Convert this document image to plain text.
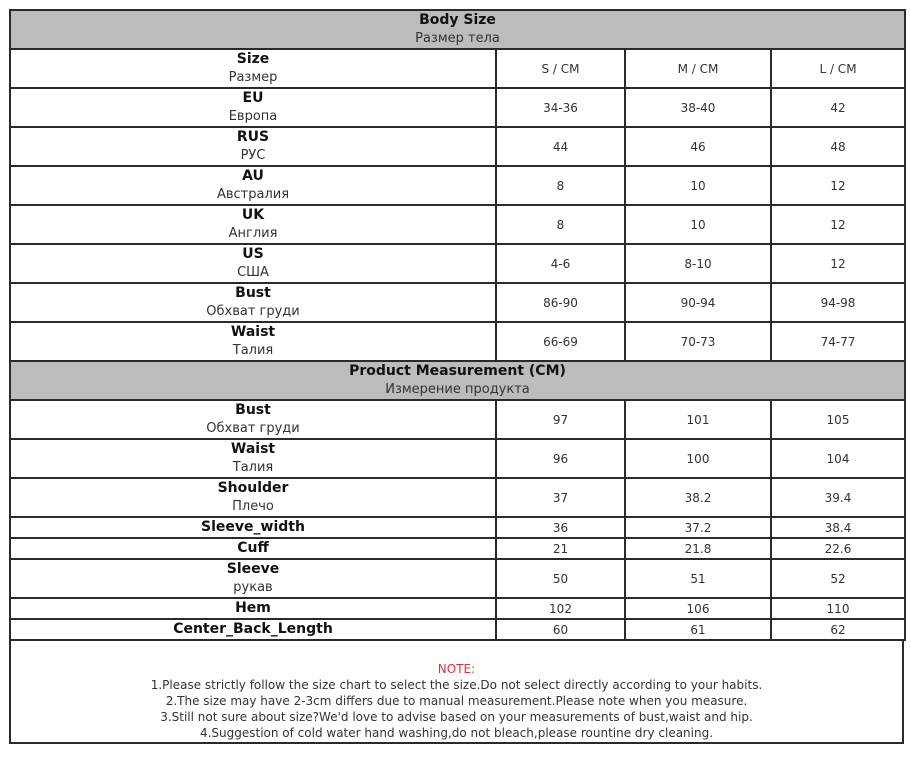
Body Size
Размер тела			

Size
Размер	S / CM	M / CM	L / CM

EU
Европа	34-36	38-40	42

RUS
РУС	44	46	48

AU
Австралия	8	10	12

UK
Англия	8	10	12

US
США	4-6	8-10	12

Bust
Обхват груди	86-90	90-94	94-98

Waist
Талия	66-69	70-73	74-77

Product Measurement (CM)
Измерение продукта			

Bust
Обхват груди	97	101	105

Waist
Талия	96	100	104

Shoulder
Плечо	37	38.2	39.4

Sleeve_width	36	37.2	38.4

Cuff	21	21.8	22.6

Sleeve
рукав	50	51	52

Hem	102	106	110

Center_Back_Length	60	61	62
NOTE:
1.Please strictly follow the size chart to select the size.Do not select directly according to your habits.
2.The size may have 2-3cm differs due to manual measurement.Please note when you measure.
3.Still not sure about size?We'd love to advise based on your measurements of bust,waist and hip.
4.Suggestion of cold water hand washing,do not bleach,please rountine dry cleaning.
